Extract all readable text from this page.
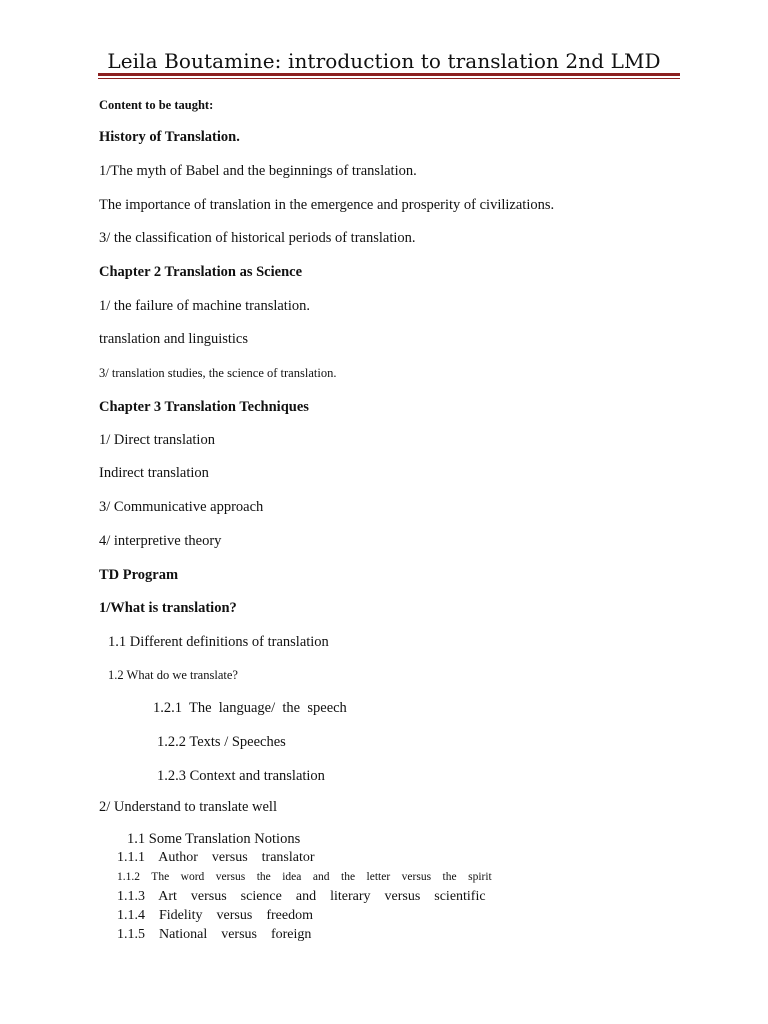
Leila Boutamine: introduction to translation 2nd LMD
Content to be taught:
History of Translation.
1/The myth of Babel and the beginnings of translation.
The importance of translation in the emergence and prosperity of civilizations.
3/ the classification of historical periods of translation.
Chapter 2 Translation as Science
1/ the failure of machine translation.
translation and linguistics
3/ translation studies, the science of translation.
Chapter 3 Translation Techniques
1/ Direct translation
Indirect translation
3/ Communicative approach
4/ interpretive theory
TD Program
1/What is translation?
1.1 Different definitions of translation
1.2 What do we translate?
1.2.1  The  language/  the  speech
1.2.2 Texts / Speeches
1.2.3 Context and translation
2/ Understand to translate well
1.1 Some Translation Notions
1.1.1    Author    versus    translator
1.1.2    The    word    versus    the    idea    and    the    letter    versus    the    spirit
1.1.3    Art    versus    science    and    literary    versus    scientific
1.1.4    Fidelity    versus    freedom
1.1.5    National    versus    foreign
